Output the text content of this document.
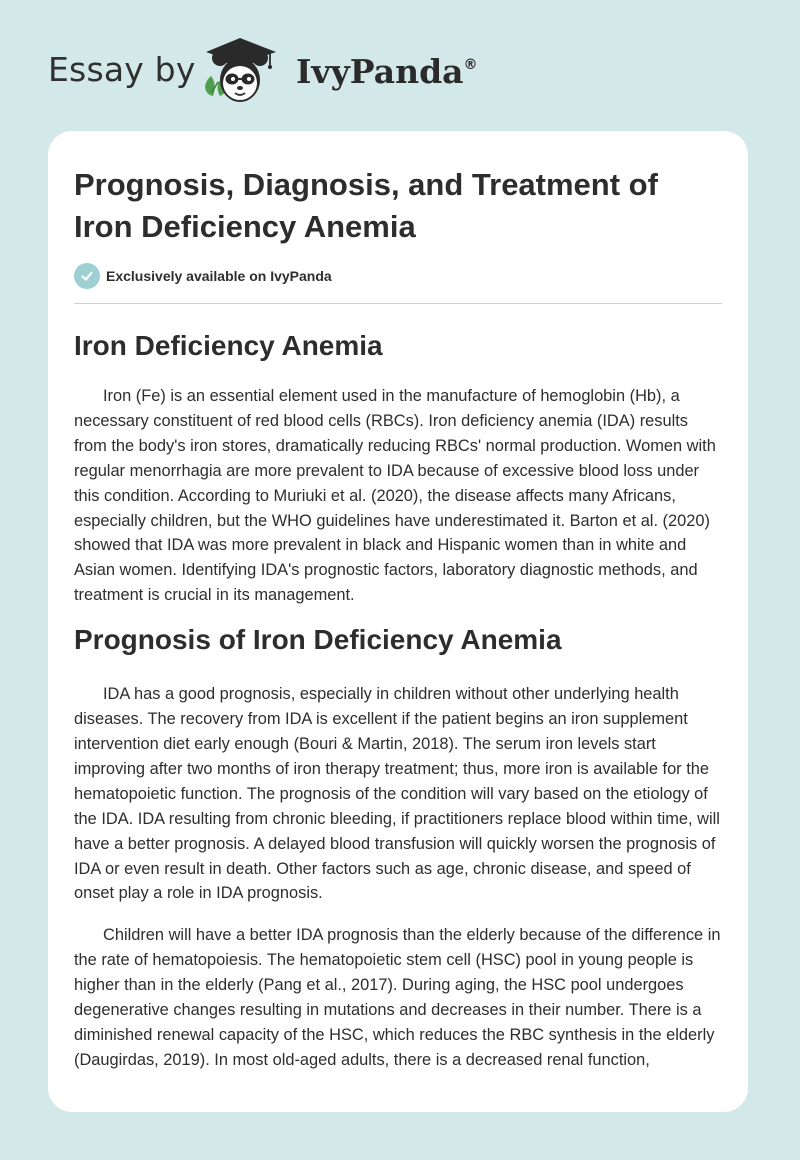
Essay by	IvyPanda®
Prognosis, Diagnosis, and Treatment of Iron Deficiency Anemia
Exclusively available on IvyPanda
Iron Deficiency Anemia

Iron (Fe) is an essential element used in the manufacture of hemoglobin (Hb), a necessary constituent of red blood cells (RBCs). Iron deficiency anemia (IDA) results from the body's iron stores, dramatically reducing RBCs' normal production. Women with regular menorrhagia are more prevalent to IDA because of excessive blood loss under this condition. According to Muriuki et al. (2020), the disease affects many Africans, especially children, but the WHO guidelines have underestimated it. Barton et al. (2020) showed that IDA was more prevalent in black and Hispanic women than in white and Asian women. Identifying IDA's prognostic factors, laboratory diagnostic methods, and treatment is crucial in its management.

Prognosis of Iron Deficiency Anemia

IDA has a good prognosis, especially in children without other underlying health diseases. The recovery from IDA is excellent if the patient begins an iron supplement intervention diet early enough (Bouri & Martin, 2018). The serum iron levels start improving after two months of iron therapy treatment; thus, more iron is available for the hematopoietic function. The prognosis of the condition will vary based on the etiology of the IDA. IDA resulting from chronic bleeding, if practitioners replace blood within time, will have a better prognosis. A delayed blood transfusion will quickly worsen the prognosis of IDA or even result in death. Other factors such as age, chronic disease, and speed of onset play a role in IDA prognosis.

Children will have a better IDA prognosis than the elderly because of the difference in the rate of hematopoiesis. The hematopoietic stem cell (HSC) pool in young people is higher than in the elderly (Pang et al., 2017). During aging, the HSC pool undergoes degenerative changes resulting in mutations and decreases in their number. There is a diminished renewal capacity of the HSC, which reduces the RBC synthesis in the elderly (Daugirdas, 2019). In most old-aged adults, there is a decreased renal function,
